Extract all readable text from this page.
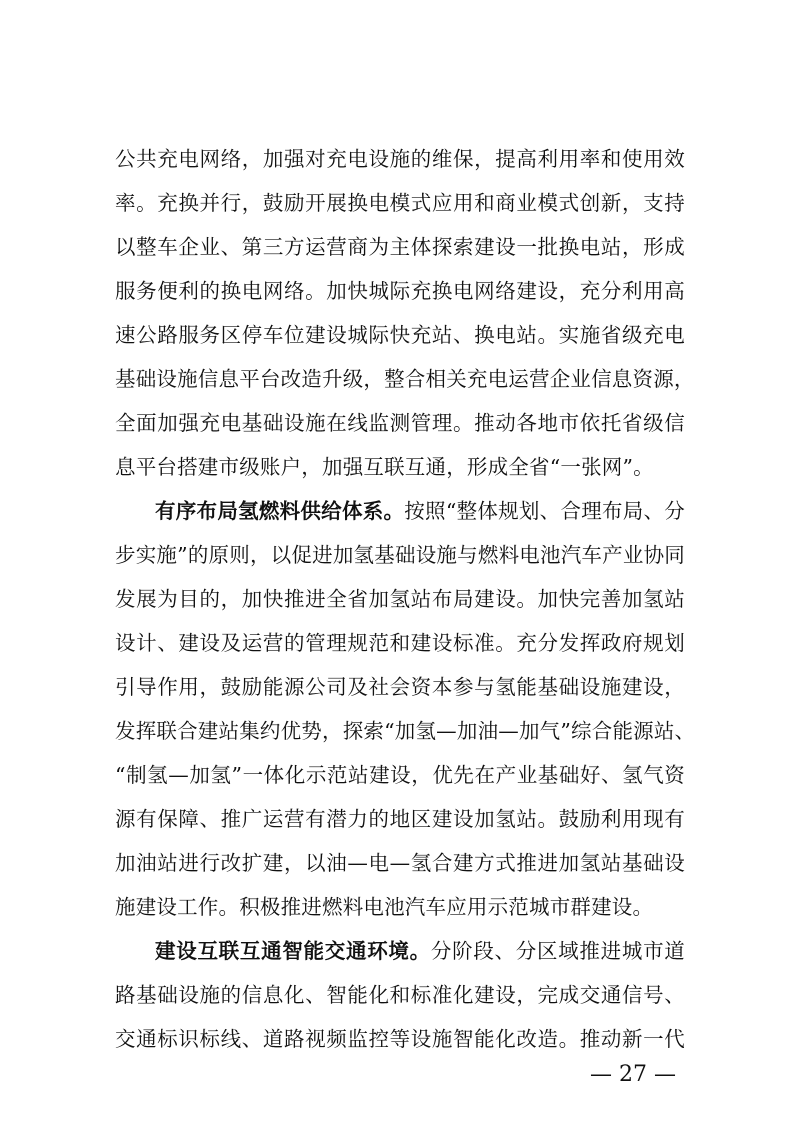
公共充电网络，加强对充电设施的维保，提高利用率和使用效
率。充换并行，鼓励开展换电模式应用和商业模式创新，支持
以整车企业、第三方运营商为主体探索建设一批换电站，形成
服务便利的换电网络。加快城际充换电网络建设，充分利用高
速公路服务区停车位建设城际快充站、换电站。实施省级充电
基础设施信息平台改造升级，整合相关充电运营企业信息资源，
全面加强充电基础设施在线监测管理。推动各地市依托省级信
息平台搭建市级账户，加强互联互通，形成全省“一张网”。
有序布局氢燃料供给体系。按照“整体规划、合理布局、分
步实施”的原则，以促进加氢基础设施与燃料电池汽车产业协同
发展为目的，加快推进全省加氢站布局建设。加快完善加氢站
设计、建设及运营的管理规范和建设标准。充分发挥政府规划
引导作用，鼓励能源公司及社会资本参与氢能基础设施建设，
发挥联合建站集约优势，探索“加氢—加油—加气”综合能源站、
“制氢—加氢”一体化示范站建设，优先在产业基础好、氢气资
源有保障、推广运营有潜力的地区建设加氢站。鼓励利用现有
加油站进行改扩建，以油—电—氢合建方式推进加氢站基础设
施建设工作。积极推进燃料电池汽车应用示范城市群建设。
建设互联互通智能交通环境。分阶段、分区域推进城市道
路基础设施的信息化、智能化和标准化建设，完成交通信号、
交通标识标线、道路视频监控等设施智能化改造。推动新一代
— 27 —
